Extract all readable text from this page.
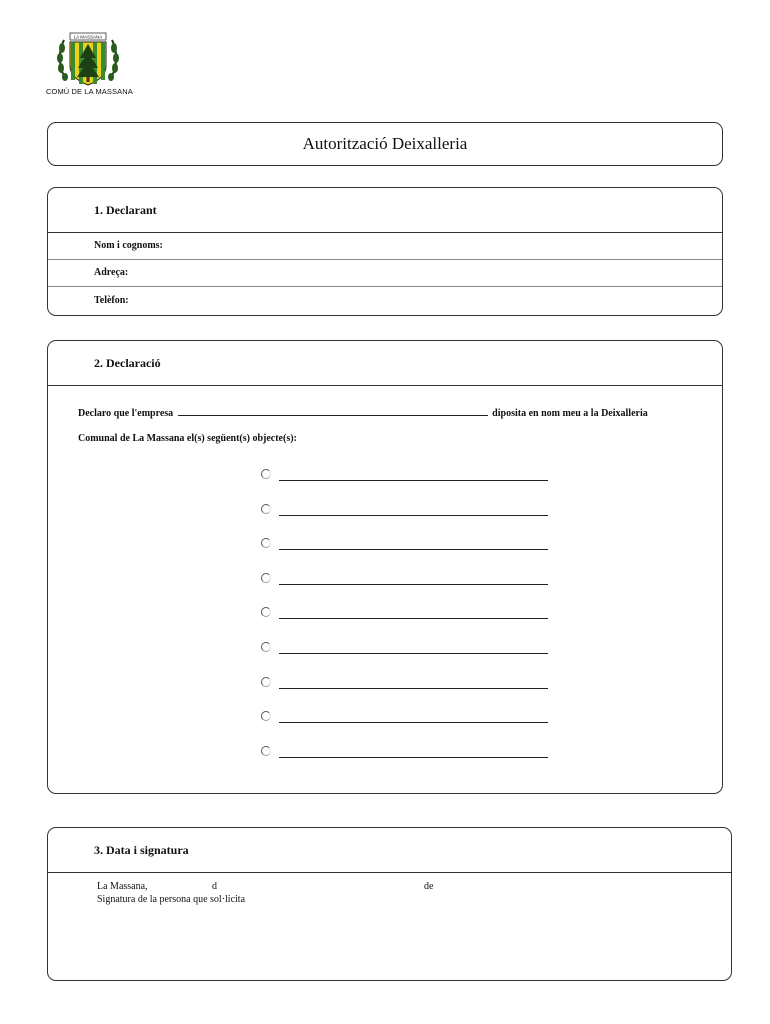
LA MASSANA
COMÚ DE LA MASSANA
Autorització Deixalleria
1. Declarant
Nom i cognoms:
Adreça:
Telèfon:
2. Declaració
Declaro que l'empresa	diposita en nom meu a la Deixalleria
Comunal de La Massana el(s) següent(s) objecte(s):
3. Data i signatura
La Massana,	d	de
Signatura de la persona que sol·licita
